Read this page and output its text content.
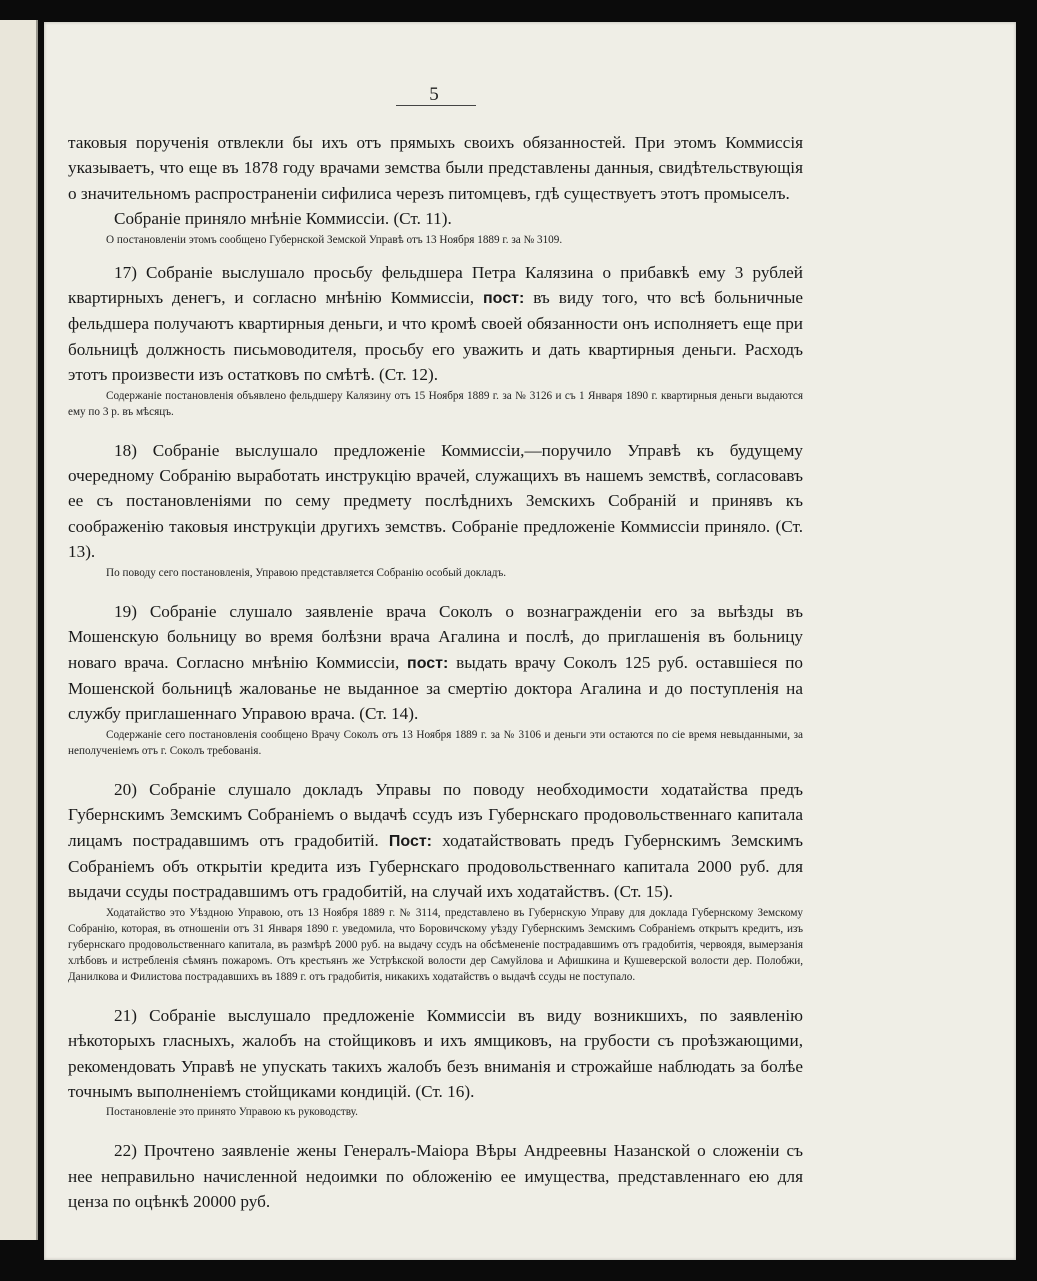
5

таковыя порученія отвлекли бы ихъ отъ прямыхъ своихъ обязанностей. При этомъ Коммиссія указываетъ, что еще въ 1878 году врачами земства были представлены данныя, свидѣтельствующія о значительномъ распространеніи сифилиса черезъ питомцевъ, гдѣ существуетъ этотъ промыселъ.

Собраніе приняло мнѣніе Коммиссіи. (Ст. 11).

О постановленіи этомъ сообщено Губернской Земской Управѣ отъ 13 Ноября 1889 г. за № 3109.

17) Собраніе выслушало просьбу фельдшера Петра Калязина о прибавкѣ ему 3 рублей квартирныхъ денегъ, и согласно мнѣнію Коммиссіи, пост: въ виду того, что всѣ больничные фельдшера получаютъ квартирныя деньги, и что кромѣ своей обязанности онъ исполняетъ еще при больницѣ должность письмоводителя, просьбу его уважить и дать квартирныя деньги. Расходъ этотъ произвести изъ остатковъ по смѣтѣ. (Ст. 12).

Содержаніе постановленія объявлено фельдшеру Калязину отъ 15 Ноября 1889 г. за № 3126 и съ 1 Января 1890 г. квартирныя деньги выдаются ему по 3 р. въ мѣсяцъ.

18) Собраніе выслушало предложеніе Коммиссіи,—поручило Управѣ къ будущему очередному Собранію выработать инструкцію врачей, служащихъ въ нашемъ земствѣ, согласовавъ ее съ постановленіями по сему предмету послѣднихъ Земскихъ Собраній и принявъ къ соображенію таковыя инструкціи другихъ земствъ. Собраніе предложеніе Коммиссіи приняло. (Ст. 13).

По поводу сего постановленія, Управою представляется Собранію особый докладъ.

19) Собраніе слушало заявленіе врача Соколъ о вознагражденіи его за выѣзды въ Мошенскую больницу во время болѣзни врача Агалина и послѣ, до приглашенія въ больницу новаго врача. Согласно мнѣнію Коммиссіи, пост: выдать врачу Соколъ 125 руб. оставшіеся по Мошенской больницѣ жалованье не выданное за смертію доктора Агалина и до поступленія на службу приглашеннаго Управою врача. (Ст. 14).

Содержаніе сего постановленія сообщено Врачу Соколъ отъ 13 Ноября 1889 г. за № 3106 и деньги эти остаются по сіе время невыданными, за неполученіемъ отъ г. Соколъ требованія.

20) Собраніе слушало докладъ Управы по поводу необходимости ходатайства предъ Губернскимъ Земскимъ Собраніемъ о выдачѣ ссудъ изъ Губернскаго продовольственнаго капитала лицамъ пострадавшимъ отъ градобитій. Пост: ходатайствовать предъ Губернскимъ Земскимъ Собраніемъ объ открытіи кредита изъ Губернскаго продовольственнаго капитала 2000 руб. для выдачи ссуды пострадавшимъ отъ градобитій, на случай ихъ ходатайствъ. (Ст. 15).

Ходатайство это Уѣздною Управою, отъ 13 Ноября 1889 г. № 3114, представлено въ Губернскую Управу для доклада Губернскому Земскому Собранію, которая, въ отношеніи отъ 31 Января 1890 г. уведомила, что Боровичскому уѣзду Губернскимъ Земскимъ Собраніемъ открытъ кредитъ, изъ губернскаго продовольственнаго капитала, въ размѣрѣ 2000 руб. на выдачу ссудъ на обсѣмененіе пострадавшимъ отъ градобитія, червоядя, вымерзанія хлѣбовъ и истребленія сѣмянъ пожаромъ. Отъ крестьянъ же Устрѣкской волости дер Самуйлова и Афишкина и Кушеверской волости дер. Полобжи, Данилкова и Филистова пострадавшихъ въ 1889 г. отъ градобитія, никакихъ ходатайствъ о выдачѣ ссуды не поступало.

21) Собраніе выслушало предложеніе Коммиссіи въ виду возникшихъ, по заявленію нѣкоторыхъ гласныхъ, жалобъ на стойщиковъ и ихъ ямщиковъ, на грубости съ проѣзжающими, рекомендовать Управѣ не упускать такихъ жалобъ безъ вниманія и строжайше наблюдать за болѣе точнымъ выполненіемъ стойщиками кондицій. (Ст. 16).

Постановленіе это принято Управою къ руководству.

22) Прочтено заявленіе жены Генералъ-Маіора Вѣры Андреевны Назанской о сложеніи съ нее неправильно начисленной недоимки по обложенію ее имущества, представленнаго ею для ценза по оцѣнкѣ 20000 руб.
